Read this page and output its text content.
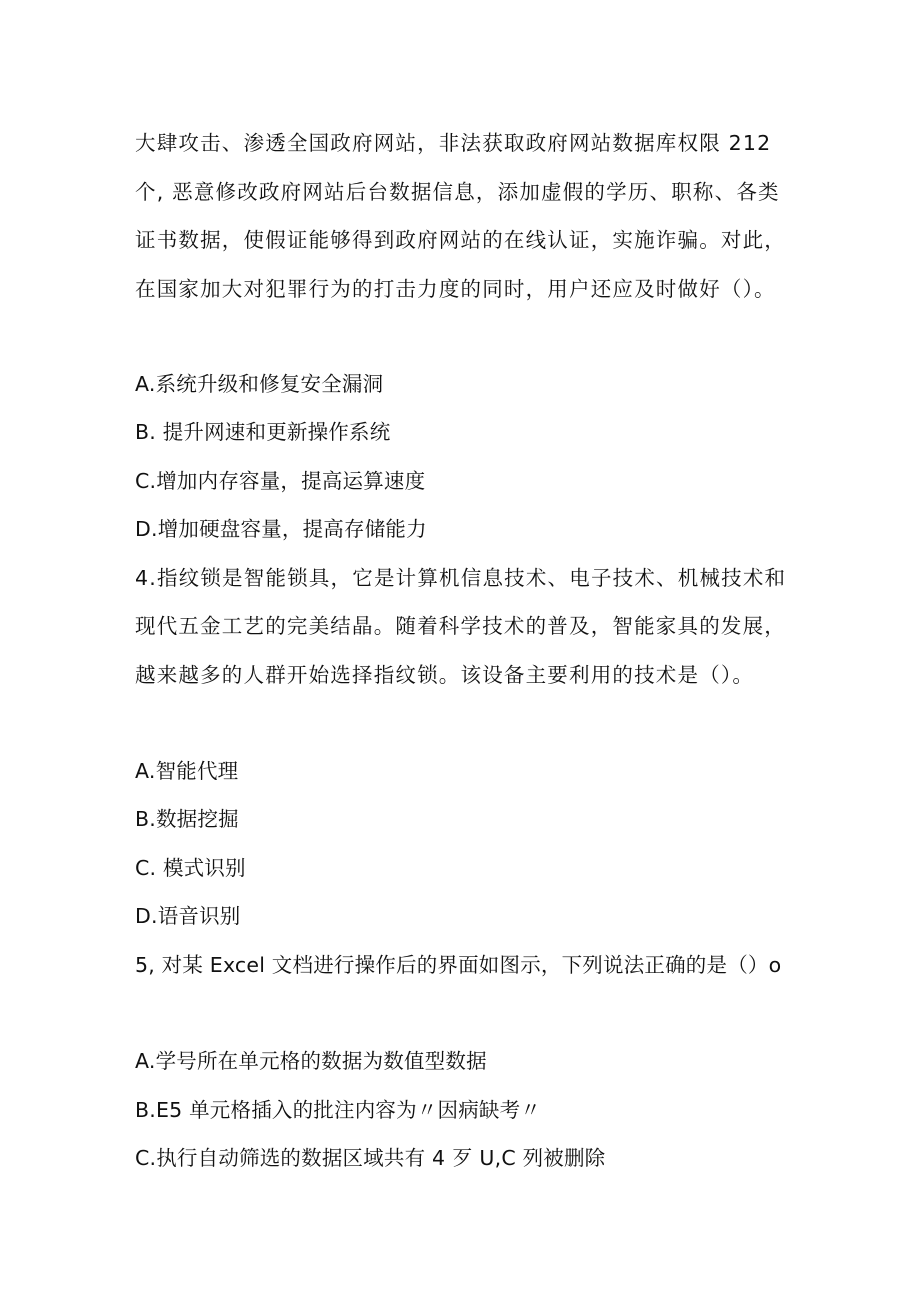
大肆攻击、渗透全国政府网站，非法获取政府网站数据库权限 212
个, 恶意修改政府网站后台数据信息，添加虚假的学历、职称、各类
证书数据，使假证能够得到政府网站的在线认证，实施诈骗。对此，
在国家加大对犯罪行为的打击力度的同时，用户还应及时做好（）。
A.系统升级和修复安全漏洞
B. 提升网速和更新操作系统
C.增加内存容量，提高运算速度
D.增加硬盘容量，提高存储能力
4.指纹锁是智能锁具，它是计算机信息技术、电子技术、机械技术和
现代五金工艺的完美结晶。随着科学技术的普及，智能家具的发展，
越来越多的人群开始选择指纹锁。该设备主要利用的技术是（）。
A.智能代理
B.数据挖掘
C. 模式识别
D.语音识别
5, 对某 Excel 文档进行操作后的界面如图示，下列说法正确的是（）o
A.学号所在单元格的数据为数值型数据
B.E5 单元格插入的批注内容为〃因病缺考〃
C.执行自动筛选的数据区域共有 4 歹 U,C 列被删除
